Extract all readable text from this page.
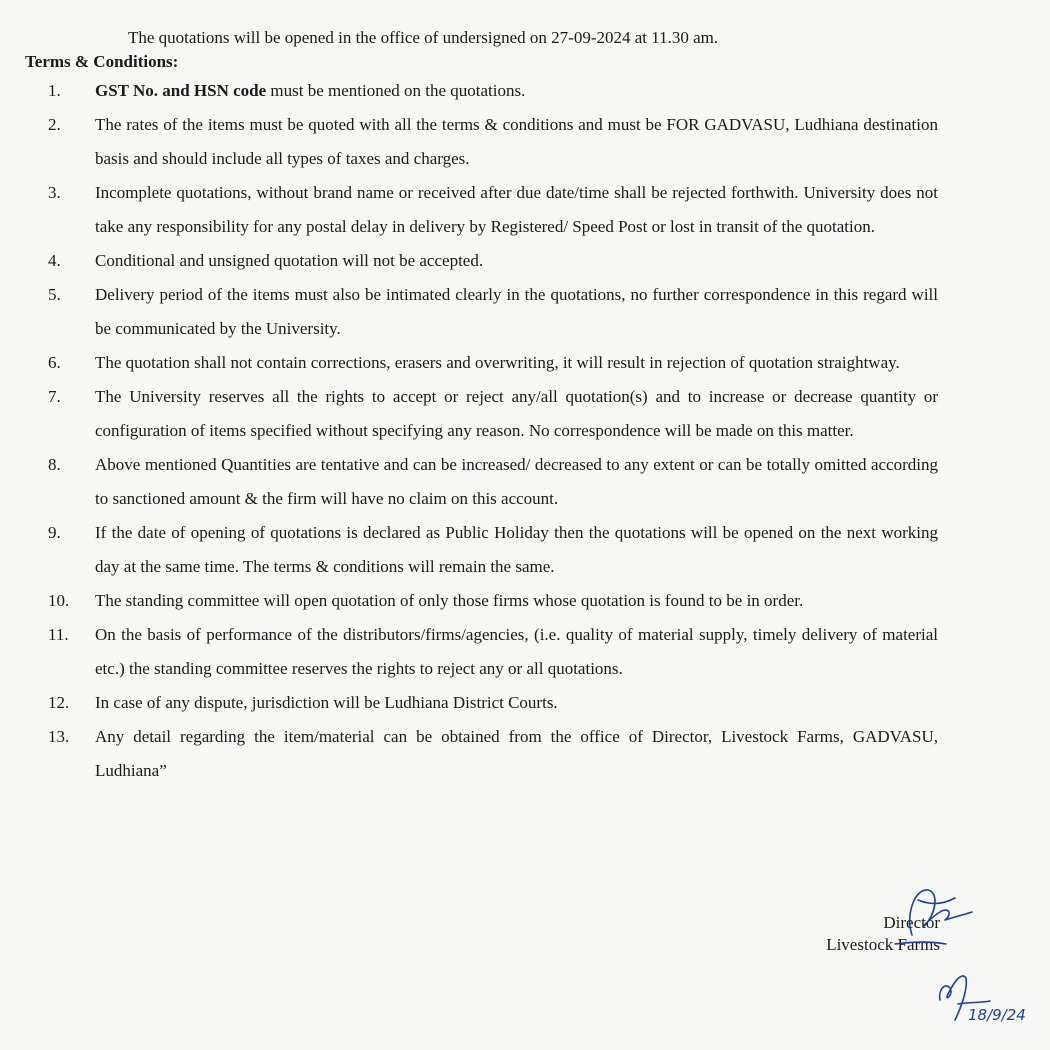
The quotations will be opened in the office of undersigned on 27-09-2024 at 11.30 am.
Terms & Conditions:
1.	GST No. and HSN code must be mentioned on the quotations.
2.	The rates of the items must be quoted with all the terms & conditions and must be FOR GADVASU, Ludhiana destination basis and should include all types of taxes and charges.
3.	Incomplete quotations, without brand name or received after due date/time shall be rejected forthwith. University does not take any responsibility for any postal delay in delivery by Registered/ Speed Post or lost in transit of the quotation.
4.	Conditional and unsigned quotation will not be accepted.
5.	Delivery period of the items must also be intimated clearly in the quotations, no further correspondence in this regard will be communicated by the University.
6.	The quotation shall not contain corrections, erasers and overwriting, it will result in rejection of quotation straightway.
7.	The University reserves all the rights to accept or reject any/all quotation(s) and to increase or decrease quantity or configuration of items specified without specifying any reason. No correspondence will be made on this matter.
8.	Above mentioned Quantities are tentative and can be increased/ decreased to any extent or can be totally omitted according to sanctioned amount & the firm will have no claim on this account.
9.	If the date of opening of quotations is declared as Public Holiday then the quotations will be opened on the next working day at the same time. The terms & conditions will remain the same.
10.	The standing committee will open quotation of only those firms whose quotation is found to be in order.
11.	On the basis of performance of the distributors/firms/agencies, (i.e. quality of material supply, timely delivery of material etc.) the standing committee reserves the rights to reject any or all quotations.
12.	In case of any dispute, jurisdiction will be Ludhiana District Courts.
13.	Any detail regarding the item/material can be obtained from the office of Director, Livestock Farms, GADVASU, Ludhiana”
Director
Livestock Farms
18/9/24
